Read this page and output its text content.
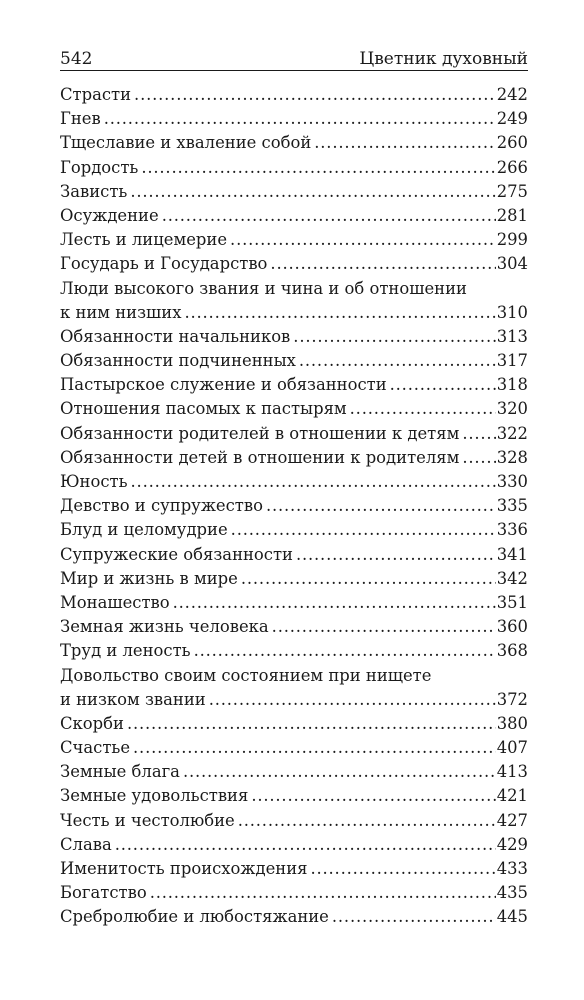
542	Цветник духовный
Страсти . . .	242
Гнев . . .	249
Тщеславие и хваление собой . . .	260
Гордость . . .	266
Зависть . . .	275
Осуждение . . .	281
Лесть и лицемерие . . .	299
Государь и Государство . . .	304
Люди высокого звания и чина и об отношении
к ним низших . . .	310
Обязанности начальников . . .	313
Обязанности подчиненных . . .	317
Пастырское служение и обязанности . . .	318
Отношения пасомых к пастырям . . .	320
Обязанности родителей в отношении к детям . . . 322
Обязанности детей в отношении к родителям . . . 328
Юность . . .	330
Девство и супружество . . .	335
Блуд и целомудрие . . .	336
Супружеские обязанности . . .	341
Мир и жизнь в мире . . .	342
Монашество . . .	351
Земная жизнь человека . . .	360
Труд и леность . . .	368
Довольство своим состоянием при нищете
и низком звании . . .	372
Скорби . . .	380
Счастье . . .	407
Земные блага . . .	413
Земные удовольствия . . .	421
Честь и честолюбие . . .	427
Слава . . .	429
Именитость происхождения . . .	433
Богатство . . .	435
Сребролюбие и любостяжание . . .	445
